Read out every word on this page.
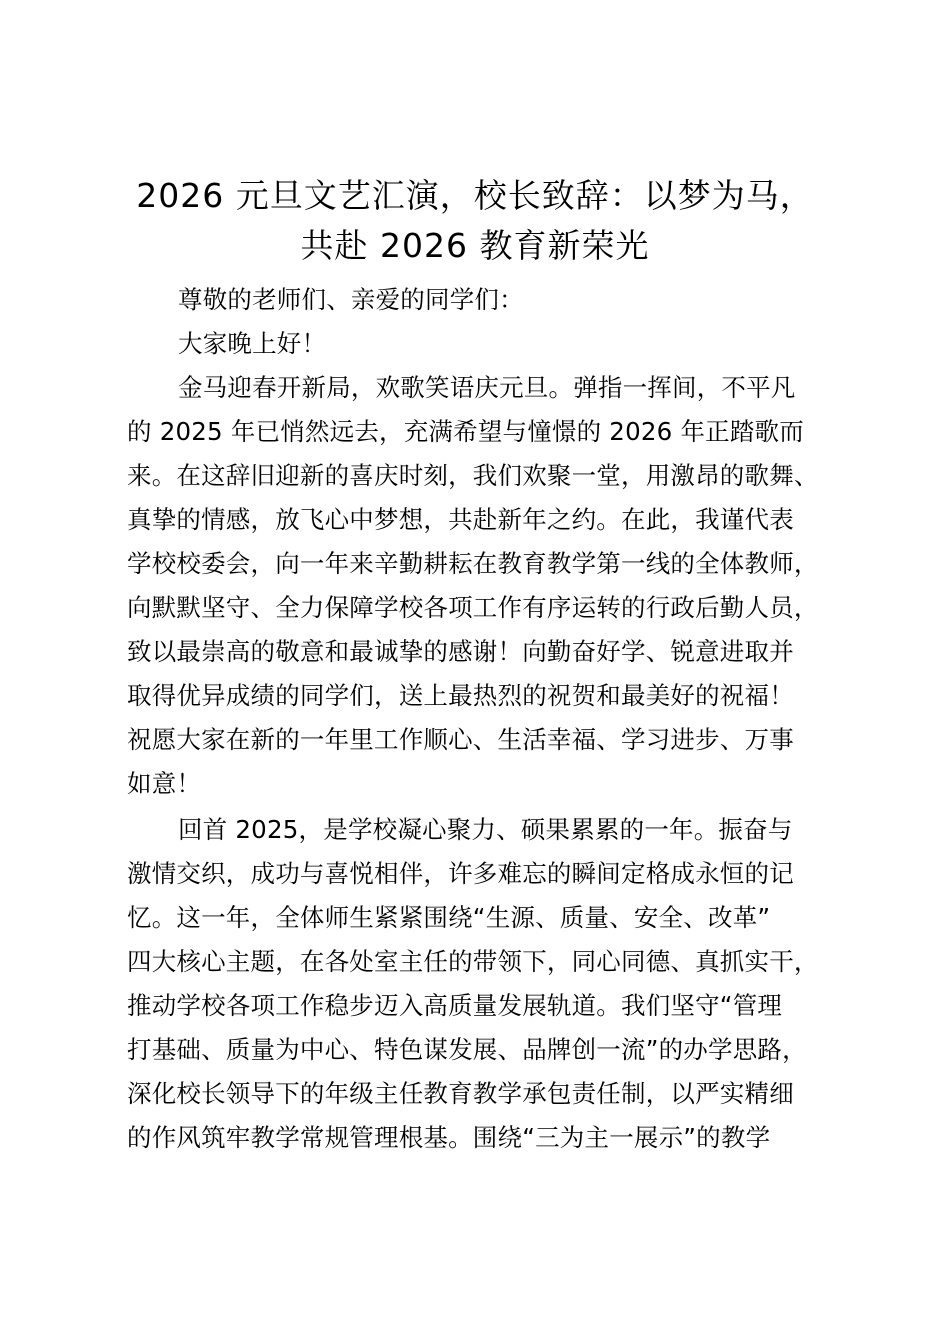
2026 元旦文艺汇演，校长致辞：以梦为马，
共赴 2026 教育新荣光
尊敬的老师们、亲爱的同学们：
大家晚上好！
金马迎春开新局，欢歌笑语庆元旦。弹指一挥间，不平凡
的 2025 年已悄然远去，充满希望与憧憬的 2026 年正踏歌而
来。在这辞旧迎新的喜庆时刻，我们欢聚一堂，用激昂的歌舞、
真挚的情感，放飞心中梦想，共赴新年之约。在此，我谨代表
学校校委会，向一年来辛勤耕耘在教育教学第一线的全体教师，
向默默坚守、全力保障学校各项工作有序运转的行政后勤人员，
致以最崇高的敬意和最诚挚的感谢！向勤奋好学、锐意进取并
取得优异成绩的同学们，送上最热烈的祝贺和最美好的祝福！
祝愿大家在新的一年里工作顺心、生活幸福、学习进步、万事
如意！
回首 2025，是学校凝心聚力、硕果累累的一年。振奋与
激情交织，成功与喜悦相伴，许多难忘的瞬间定格成永恒的记
忆。这一年，全体师生紧紧围绕“生源、质量、安全、改革”
四大核心主题，在各处室主任的带领下，同心同德、真抓实干，
推动学校各项工作稳步迈入高质量发展轨道。我们坚守“管理
打基础、质量为中心、特色谋发展、品牌创一流”的办学思路，
深化校长领导下的年级主任教育教学承包责任制，以严实精细
的作风筑牢教学常规管理根基。围绕“三为主一展示”的教学
